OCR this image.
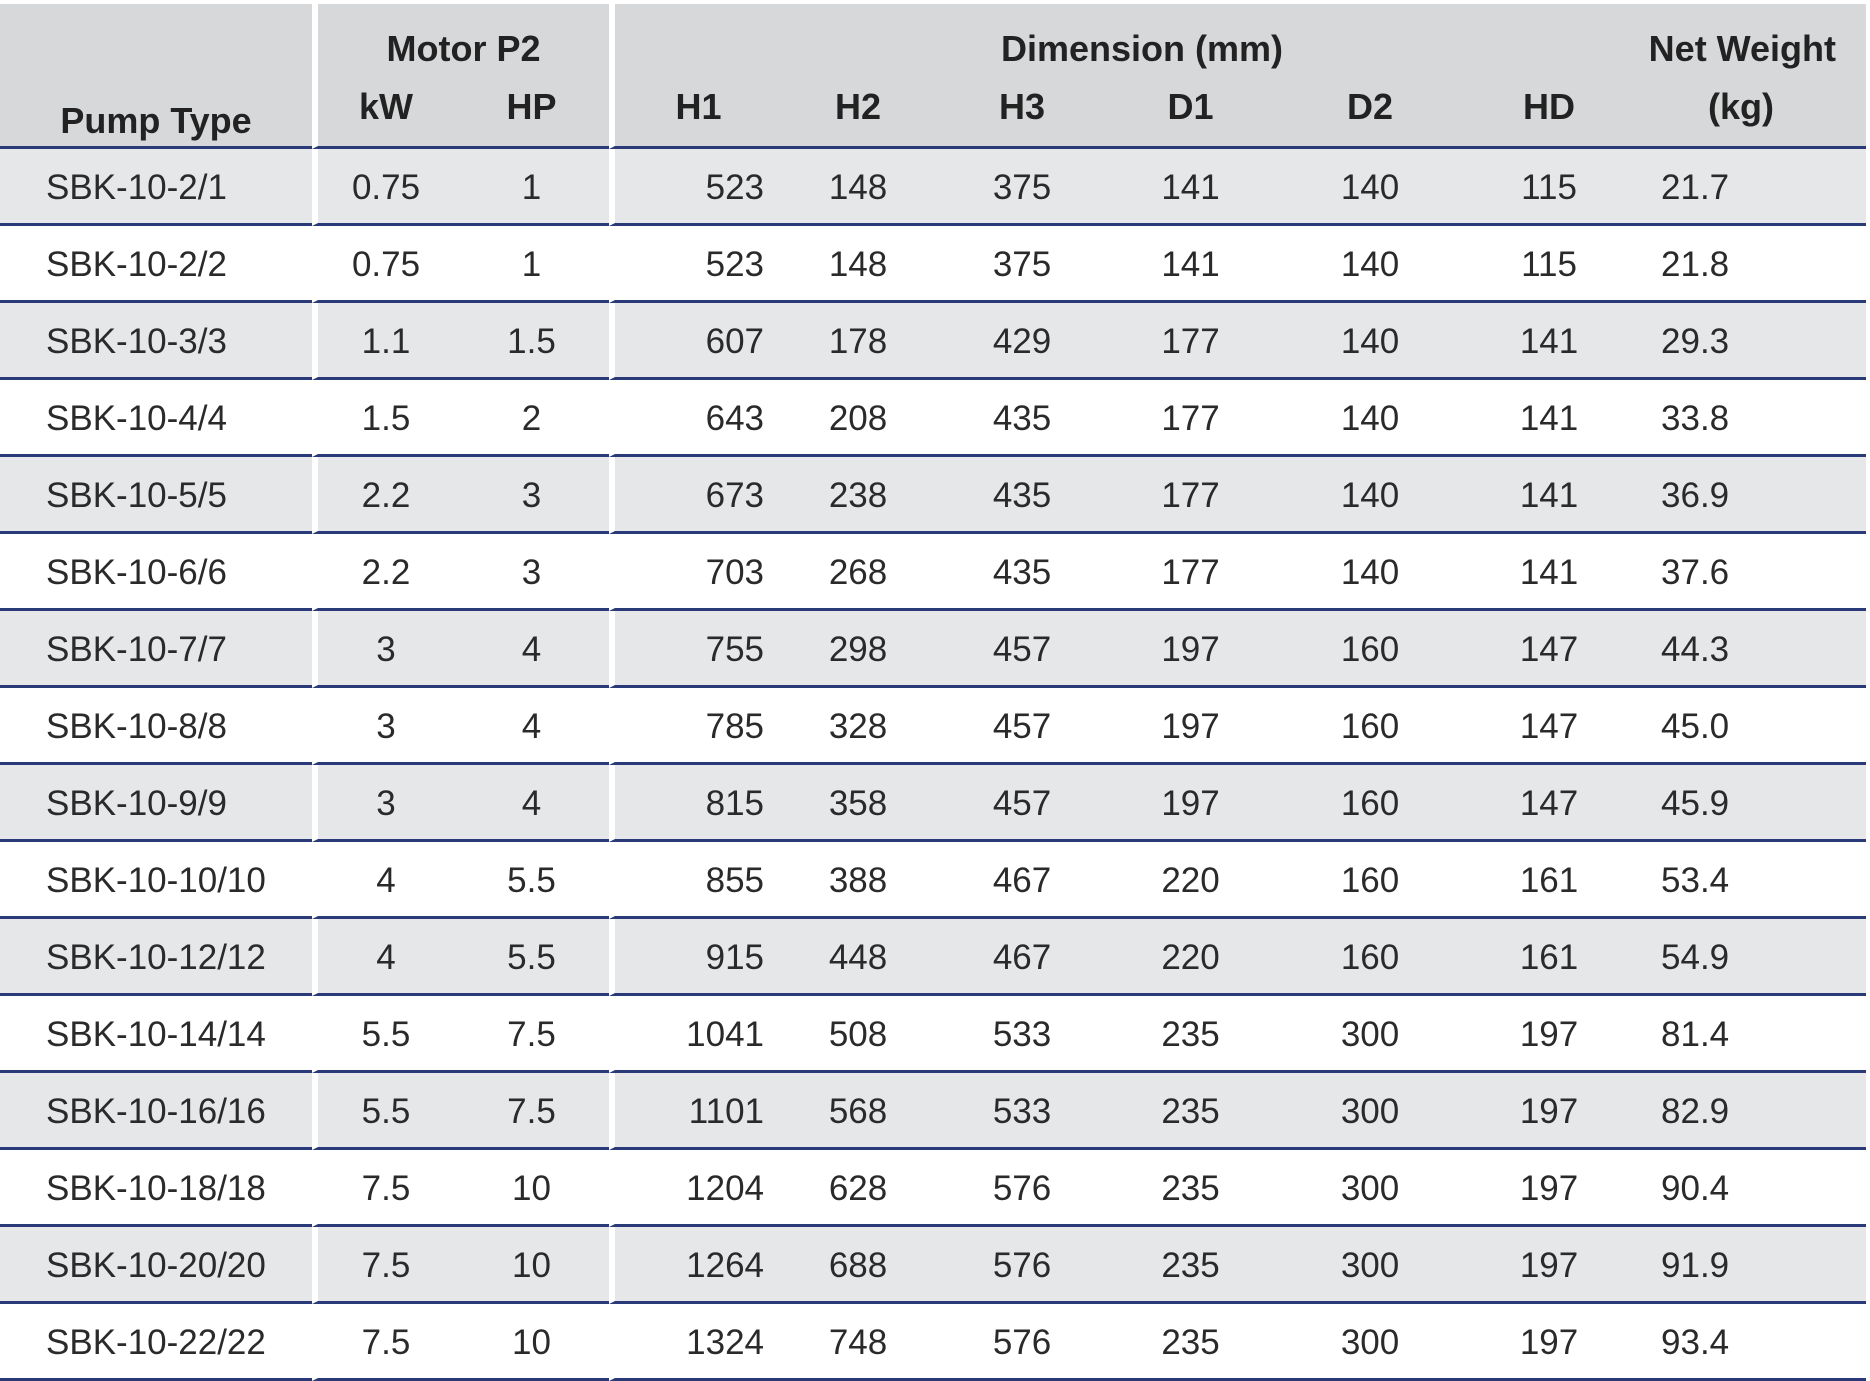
Pump Type	Motor P2		Dimension (mm)						Net Weight
	kW	HP	H1	H2	H3	D1	D2	HD	(kg)
SBK-10-2/1	0.75	1	523	148	375	141	140	115	21.7
SBK-10-2/2	0.75	1	523	148	375	141	140	115	21.8
SBK-10-3/3	1.1	1.5	607	178	429	177	140	141	29.3
SBK-10-4/4	1.5	2	643	208	435	177	140	141	33.8
SBK-10-5/5	2.2	3	673	238	435	177	140	141	36.9
SBK-10-6/6	2.2	3	703	268	435	177	140	141	37.6
SBK-10-7/7	3	4	755	298	457	197	160	147	44.3
SBK-10-8/8	3	4	785	328	457	197	160	147	45.0
SBK-10-9/9	3	4	815	358	457	197	160	147	45.9
SBK-10-10/10	4	5.5	855	388	467	220	160	161	53.4
SBK-10-12/12	4	5.5	915	448	467	220	160	161	54.9
SBK-10-14/14	5.5	7.5	1041	508	533	235	300	197	81.4
SBK-10-16/16	5.5	7.5	1101	568	533	235	300	197	82.9
SBK-10-18/18	7.5	10	1204	628	576	235	300	197	90.4
SBK-10-20/20	7.5	10	1264	688	576	235	300	197	91.9
SBK-10-22/22	7.5	10	1324	748	576	235	300	197	93.4
